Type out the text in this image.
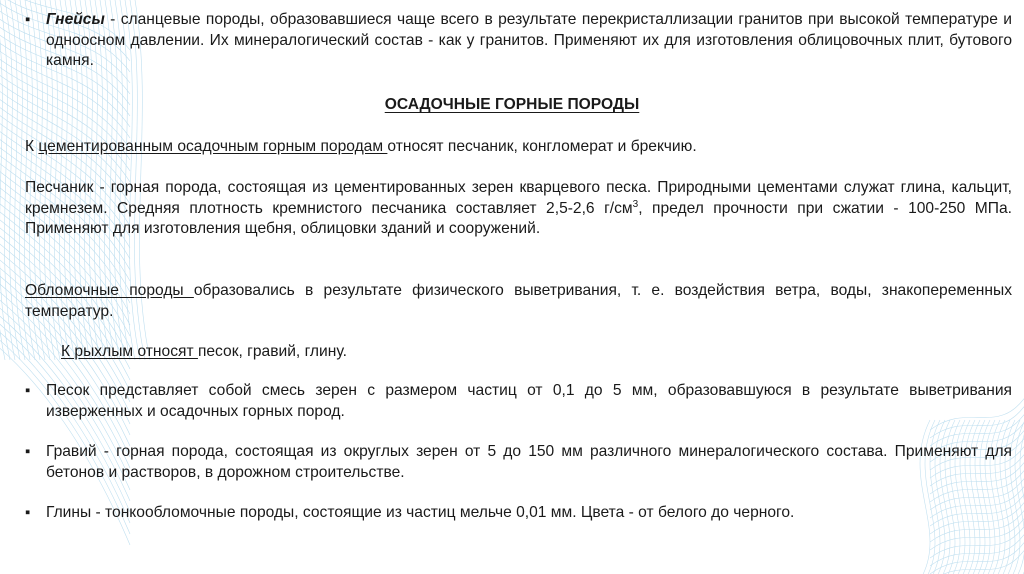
▪ Гнейсы - сланцевые породы, образовавшиеся чаще всего в результате перекристаллизации гранитов при высокой температуре и одноосном давлении. Их минералогический состав - как у гранитов. Применяют их для изготовления облицовочных плит, бутового камня.

ОСАДОЧНЫЕ ГОРНЫЕ ПОРОДЫ

К цементированным осадочным горным породам относят песчаник, конгломерат и брекчию.

Песчаник - горная порода, состоящая из цементированных зерен кварцевого песка. Природными цементами служат глина, кальцит, кремнезем. Средняя плотность кремнистого песчаника составляет 2,5-2,6 $г/см^3$, предел прочности при сжатии - 100-250 МПа. Применяют для изготовления щебня, облицовки зданий и сооружений.

Обломочные породы образовались в результате физического выветривания, т. е. воздействия ветра, воды, знакопеременных температур.

К рыхлым относят песок, гравий, глину.

▪ Песок представляет собой смесь зерен с размером частиц от 0,1 до 5 мм, образовавшуюся в результате выветривания изверженных и осадочных горных пород.

▪ Гравий - горная порода, состоящая из округлых зерен от 5 до 150 мм различного минералогического состава. Применяют для бетонов и растворов, в дорожном строительстве.

▪ Глины - тонкообломочные породы, состоящие из частиц мельче 0,01 мм. Цвета - от белого до черного.
